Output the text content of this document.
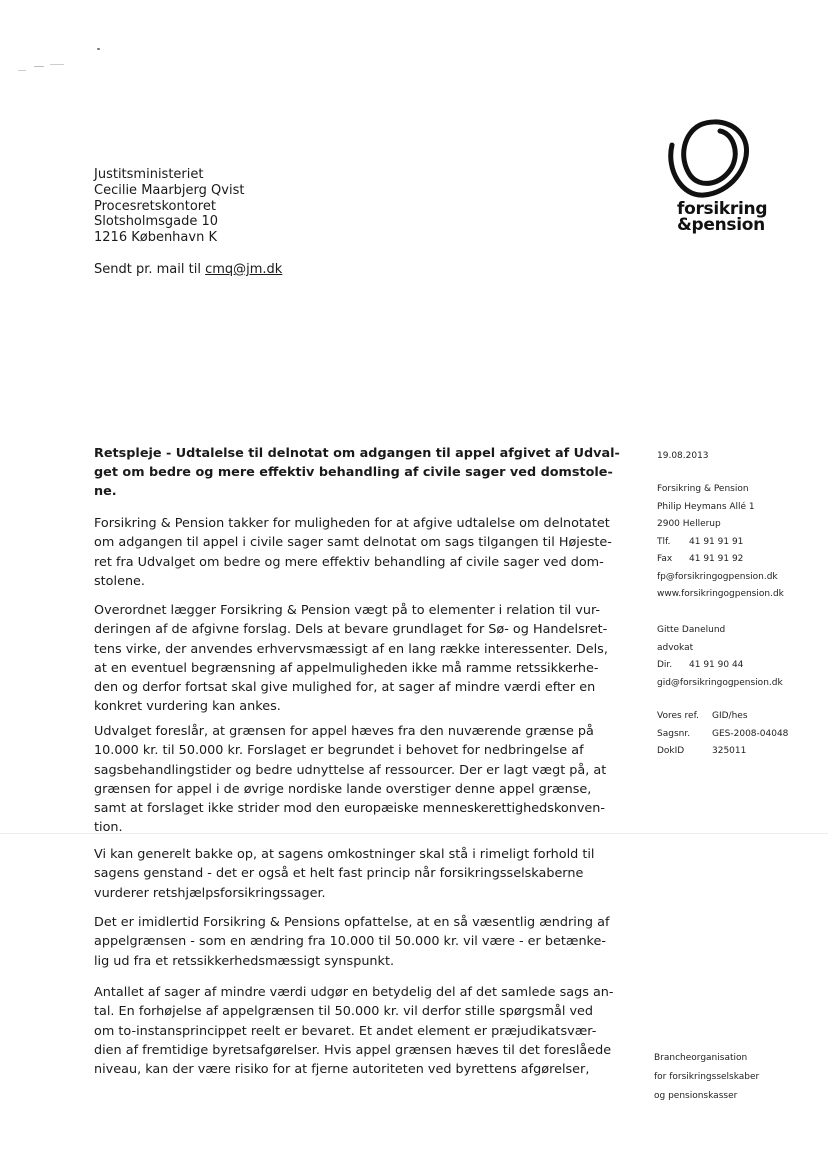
Justitsministeriet
Cecilie Maarbjerg Qvist
Procesretskontoret
Slotsholmsgade 10
1216 København K
Sendt pr. mail til cmq@jm.dk
forsikring
&pension
Retspleje - Udtalelse til delnotat om adgangen til appel afgivet af Udval-
get om bedre og mere effektiv behandling af civile sager ved domstole-
ne.
Forsikring & Pension takker for muligheden for at afgive udtalelse om delnotatet
om adgangen til appel i civile sager samt delnotat om sags tilgangen til Højeste-
ret fra Udvalget om bedre og mere effektiv behandling af civile sager ved dom-
stolene.
Overordnet lægger Forsikring & Pension vægt på to elementer i relation til vur-
deringen af de afgivne forslag. Dels at bevare grundlaget for Sø- og Handelsret-
tens virke, der anvendes erhvervsmæssigt af en lang række interessenter. Dels,
at en eventuel begrænsning af appelmuligheden ikke må ramme retssikkerhe-
den og derfor fortsat skal give mulighed for, at sager af mindre værdi efter en
konkret vurdering kan ankes.
Udvalget foreslår, at grænsen for appel hæves fra den nuværende grænse på
10.000 kr. til 50.000 kr. Forslaget er begrundet i behovet for nedbringelse af
sagsbehandlingstider og bedre udnyttelse af ressourcer. Der er lagt vægt på, at
grænsen for appel i de øvrige nordiske lande overstiger denne appel grænse,
samt at forslaget ikke strider mod den europæiske menneskerettighedskonven-
tion.
Vi kan generelt bakke op, at sagens omkostninger skal stå i rimeligt forhold til
sagens genstand - det er også et helt fast princip når forsikringsselskaberne
vurderer retshjælpsforsikringssager.
Det er imidlertid Forsikring & Pensions opfattelse, at en så væsentlig ændring af
appelgrænsen - som en ændring fra 10.000 til 50.000 kr. vil være - er betænke-
lig ud fra et retssikkerhedsmæssigt synspunkt.
Antallet af sager af mindre værdi udgør en betydelig del af det samlede sags an-
tal. En forhøjelse af appelgrænsen til 50.000 kr. vil derfor stille spørgsmål ved
om to-instansprincippet reelt er bevaret. Et andet element er præjudikatsvær-
dien af fremtidige byretsafgørelser. Hvis appel grænsen hæves til det foreslåede
niveau, kan der være risiko for at fjerne autoriteten ved byrettens afgørelser,
19.08.2013
Forsikring & Pension
Philip Heymans Allé 1
2900 Hellerup
Tlf.	41 91 91 91
Fax	41 91 91 92
fp@forsikringogpension.dk
www.forsikringogpension.dk
Gitte Danelund
advokat
Dir.	41 91 90 44
gid@forsikringogpension.dk
Vores ref.	GID/hes
Sagsnr.	GES-2008-04048
DokID	325011
Brancheorganisation
for forsikringsselskaber
og pensionskasser
